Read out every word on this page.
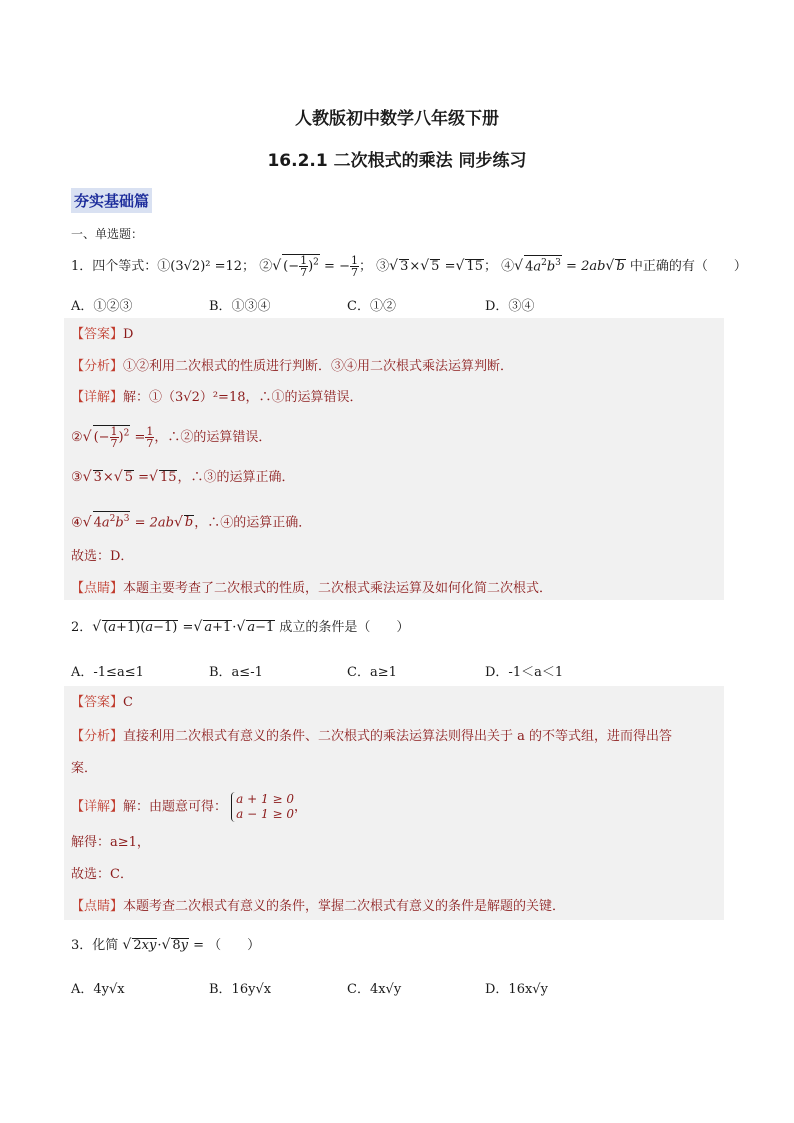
人教版初中数学八年级下册
16.2.1 二次根式的乘法 同步练习
夯实基础篇
一、单选题：
1．四个等式：①(3√2)² =12； ②√ (− $\frac{1}{7} )^2$ = − $\frac{1}{7}$ ； ③√ 3×√ 5 =√ 15； ④√ $4a^2b^3 = 2ab√$ b 中正确的有（　　）
A．①②③	B．①③④	C．①②	D．③④
【答案】D
【分析】①②利用二次根式的性质进行判断．③④用二次根式乘法运算判断．
【详解】解：①（3√2）²=18，∴①的运算错误．
②√ (− $\frac{1}{7} )^2 = \frac{1}{7}$ ，∴②的运算错误．
③√ 3×√ 5 =√ 15，∴③的运算正确．
④√ $4a^2b^3 = 2ab√$ b，∴④的运算正确．
故选：D．
【点睛】本题主要考查了二次根式的性质，二次根式乘法运算及如何化简二次根式．
2．√ (a+1)(a−1) =√ a+1·√ a−1 成立的条件是（　　）
A．-1≤a≤1	B．a≤-1	C．a≥1	D．-1＜a＜1
【答案】C
【分析】直接利用二次根式有意义的条件、二次根式的乘法运算法则得出关于 a 的不等式组，进而得出答
案．
【详解】解：由题意可得：
a + 1 ≥ 0
a − 1 ≥ 0 ，
解得：a≥1，
故选：C．
【点睛】本题考查二次根式有意义的条件，掌握二次根式有意义的条件是解题的关键．
3．化简 √ 2xy·√ 8y = （　　）
A．4y√x	B．16y√x	C．4x√y	D．16x√y
